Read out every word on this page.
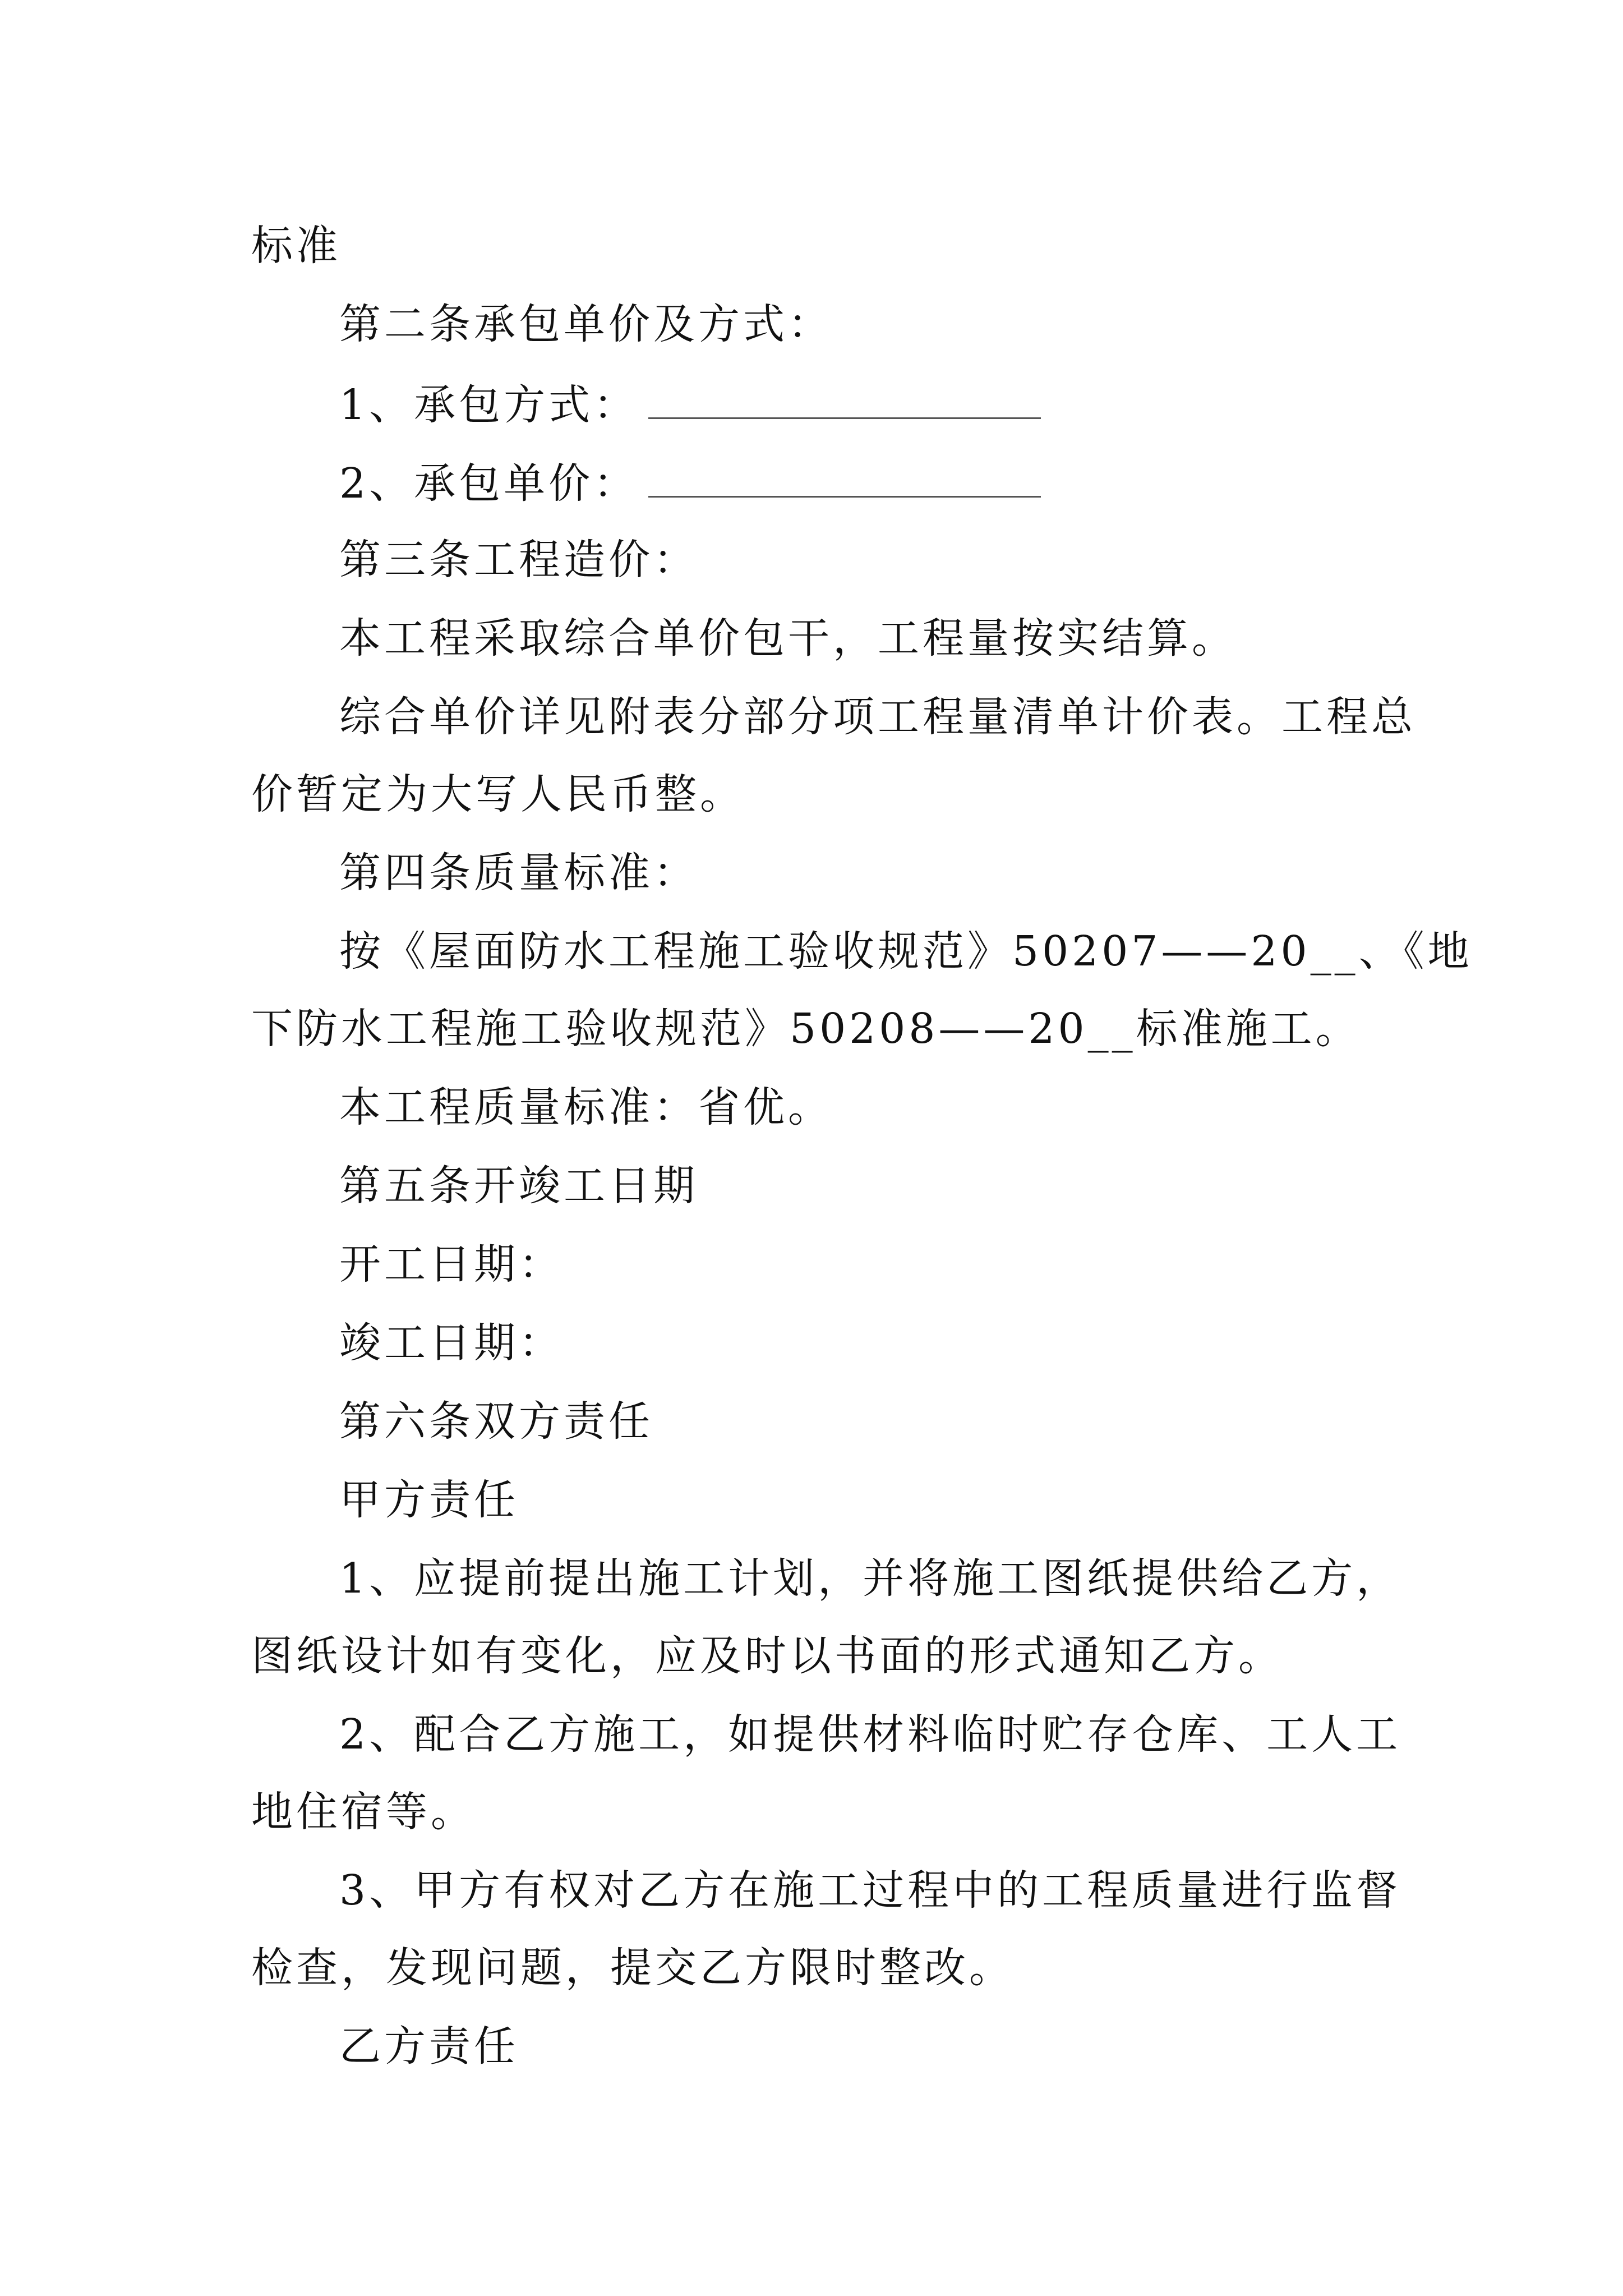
标准
第二条承包单价及方式：
1、承包方式：
2、承包单价：
第三条工程造价：
本工程采取综合单价包干，工程量按实结算。
综合单价详见附表分部分项工程量清单计价表。工程总
价暂定为大写人民币整。
第四条质量标准：
按《屋面防水工程施工验收规范》50207——20__、《地
下防水工程施工验收规范》50208——20__标准施工。
本工程质量标准：省优。
第五条开竣工日期
开工日期：
竣工日期：
第六条双方责任
甲方责任
1、应提前提出施工计划，并将施工图纸提供给乙方，
图纸设计如有变化，应及时以书面的形式通知乙方。
2、配合乙方施工，如提供材料临时贮存仓库、工人工
地住宿等。
3、甲方有权对乙方在施工过程中的工程质量进行监督
检查，发现问题，提交乙方限时整改。
乙方责任
